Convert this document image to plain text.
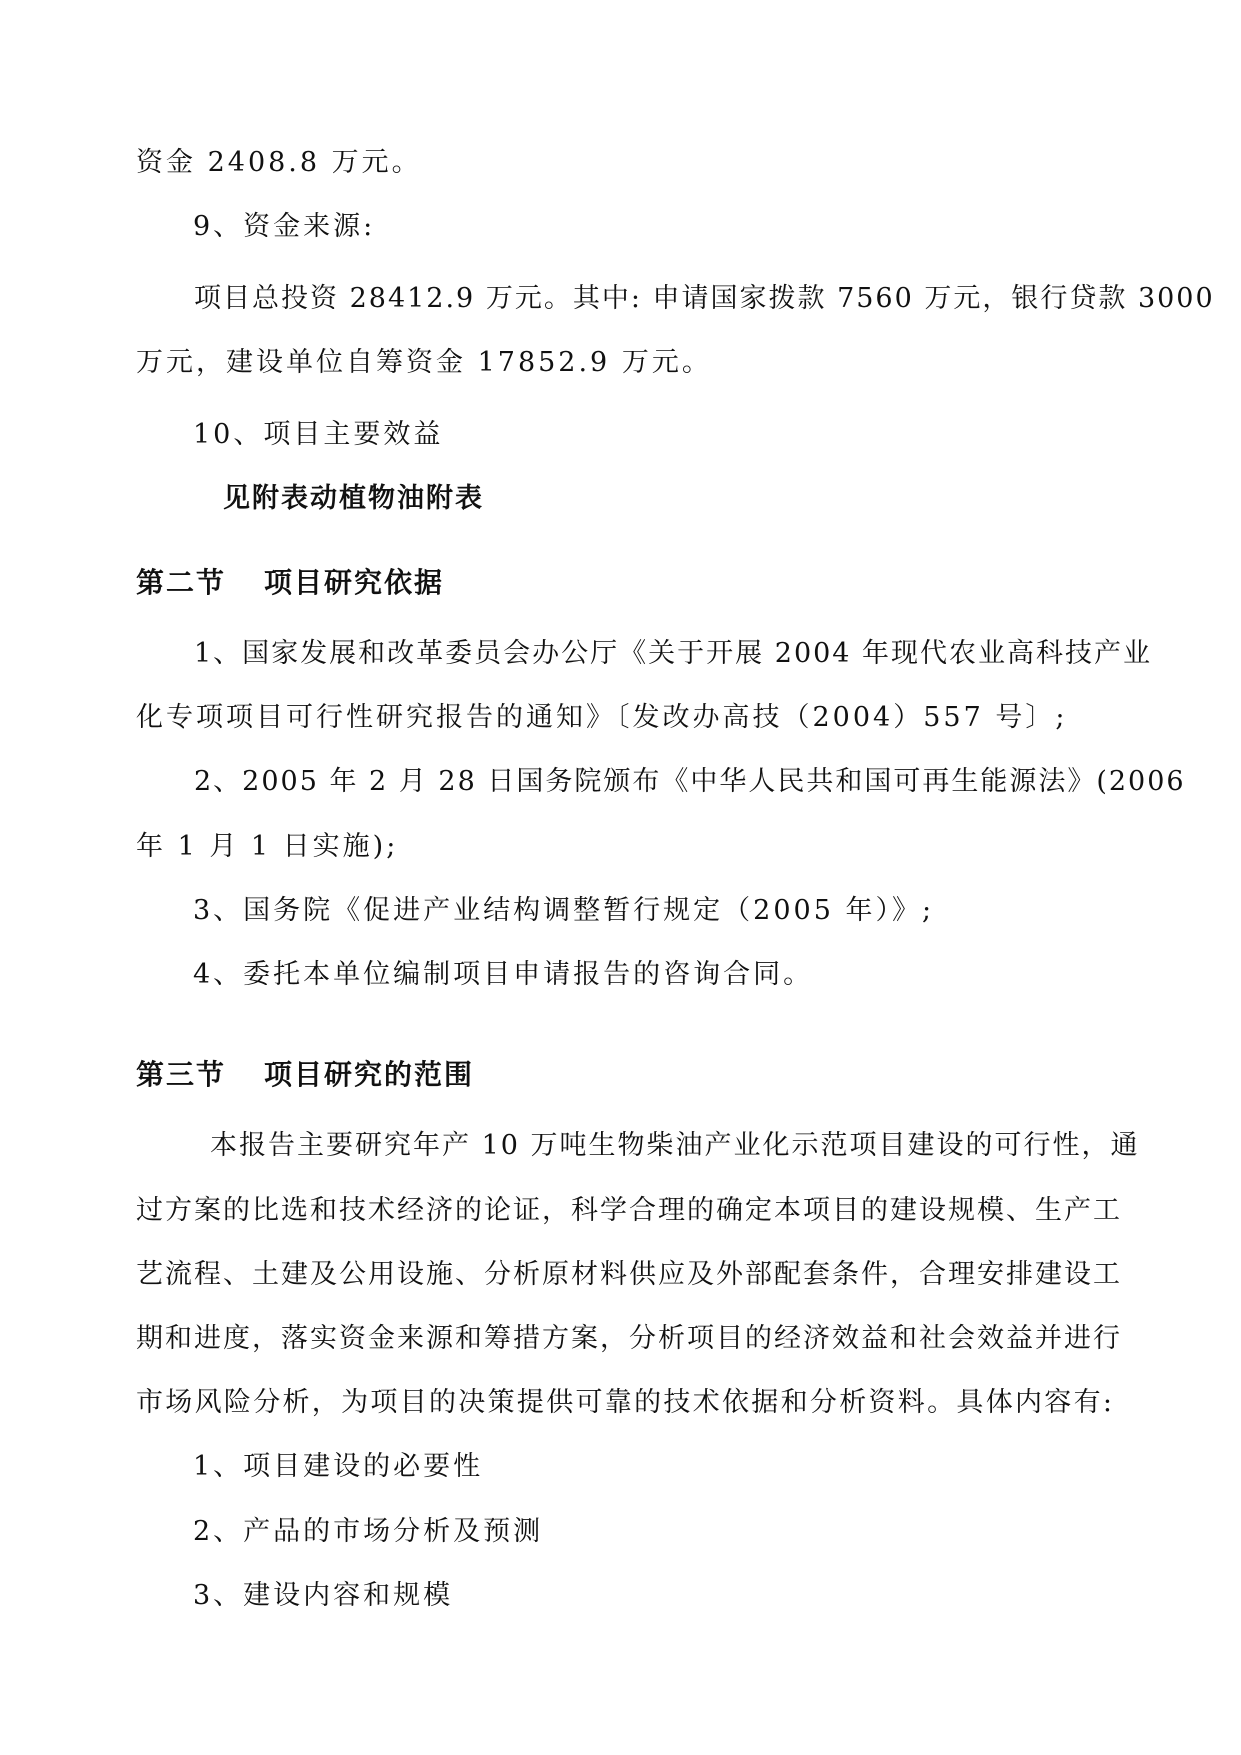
资金 2408.8 万元。
9、资金来源:
项目总投资 28412.9 万元。其中: 申请国家拨款 7560 万元，银行贷款 3000
万元，建设单位自筹资金 17852.9 万元。
10、项目主要效益
见附表动植物油附表
第二节 项目研究依据
1、国家发展和改革委员会办公厅《关于开展 2004 年现代农业高科技产业
化专项项目可行性研究报告的通知》〔发改办高技（2004）557 号〕;
2、2005 年 2 月 28 日国务院颁布《中华人民共和国可再生能源法》(2006
年 1 月 1 日实施);
3、国务院《促进产业结构调整暂行规定（2005 年）》;
4、委托本单位编制项目申请报告的咨询合同。
第三节 项目研究的范围
本报告主要研究年产 10 万吨生物柴油产业化示范项目建设的可行性，通
过方案的比选和技术经济的论证，科学合理的确定本项目的建设规模、生产工
艺流程、土建及公用设施、分析原材料供应及外部配套条件，合理安排建设工
期和进度，落实资金来源和筹措方案，分析项目的经济效益和社会效益并进行
市场风险分析，为项目的决策提供可靠的技术依据和分析资料。具体内容有:
1、项目建设的必要性
2、产品的市场分析及预测
3、建设内容和规模
